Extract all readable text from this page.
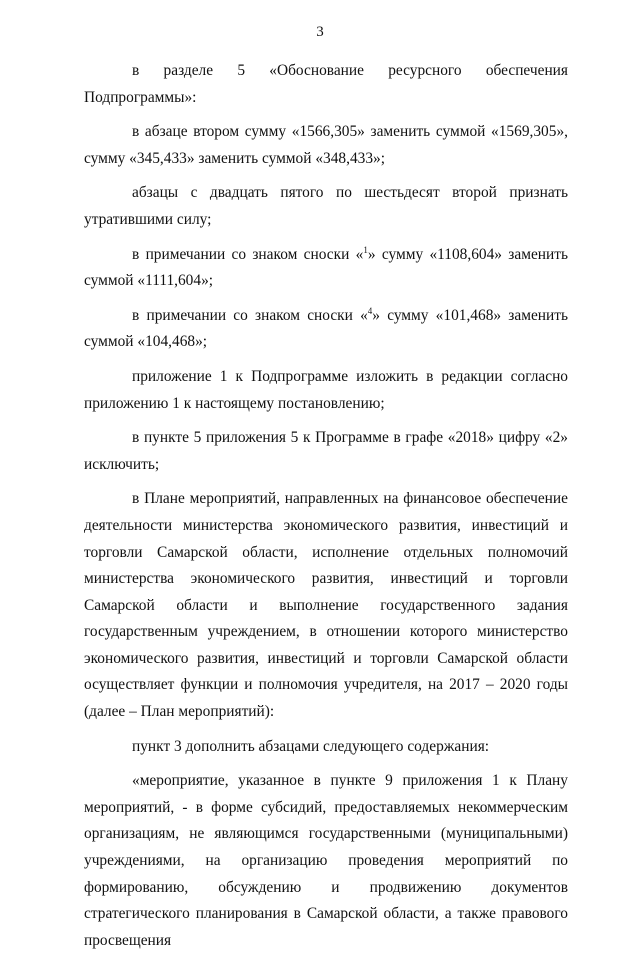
3

в разделе 5 «Обоснование ресурсного обеспечения Подпрограммы»:

в абзаце втором сумму «1566,305» заменить суммой «1569,305», сумму «345,433» заменить суммой «348,433»;

абзацы с двадцать пятого по шестьдесят второй признать утратившими силу;

в примечании со знаком сноски «$^1$» сумму «1108,604» заменить суммой «1111,604»;

в примечании со знаком сноски «$^4$» сумму «101,468» заменить суммой «104,468»;

приложение 1 к Подпрограмме изложить в редакции согласно приложению 1 к настоящему постановлению;

в пункте 5 приложения 5 к Программе в графе «2018» цифру «2» исключить;

в Плане мероприятий, направленных на финансовое обеспечение деятельности министерства экономического развития, инвестиций и торговли Самарской области, исполнение отдельных полномочий министерства экономического развития, инвестиций и торговли Самарской области и выполнение государственного задания государственным учреждением, в отношении которого министерство экономического развития, инвестиций и торговли Самарской области осуществляет функции и полномочия учредителя, на 2017 – 2020 годы (далее – План мероприятий):

пункт 3 дополнить абзацами следующего содержания:

«мероприятие, указанное в пункте 9 приложения 1 к Плану мероприятий, - в форме субсидий, предоставляемых некоммерческим организациям, не являющимся государственными (муниципальными) учреждениями, на организацию проведения мероприятий по формированию, обсуждению и продвижению документов стратегического планирования в Самарской области, а также правового просвещения
